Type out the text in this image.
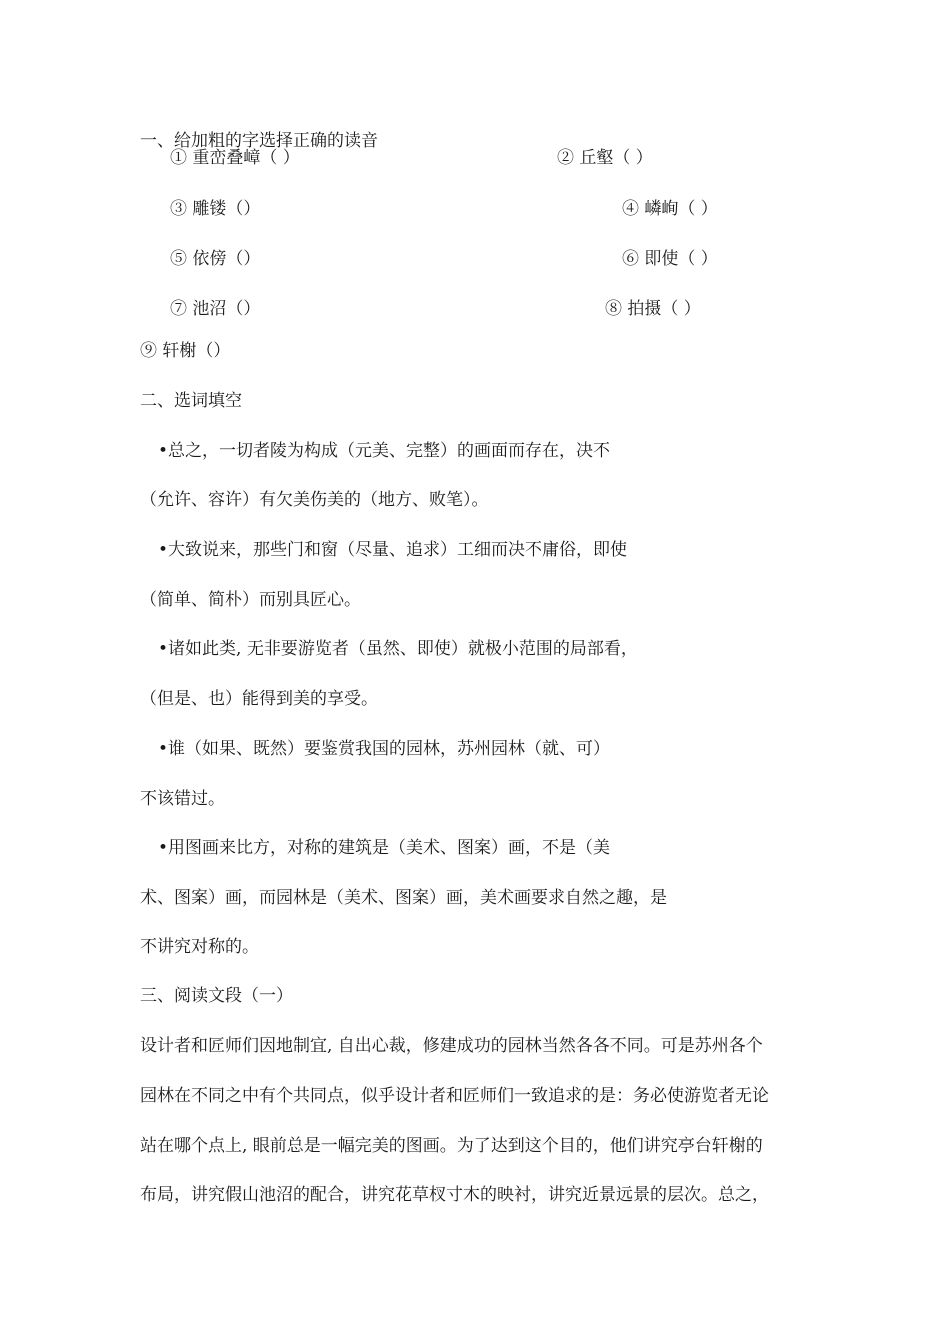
一、给加粗的字选择正确的读音
① 重峦叠嶂（ ）	② 丘壑（ ）
③ 雕镂（）	④ 嶙峋（ ）
⑤ 依傍（）	⑥ 即使（ ）
⑦ 池沼（）	⑧ 拍摄（ ）
⑨ 轩榭（）
二、选词填空
•总之，一切者陵为构成（元美、完整）的画面而存在，决不
（允许、容许）有欠美伤美的（地方、败笔）。
•大致说来，那些门和窗（尽量、追求）工细而决不庸俗，即使
（简单、简朴）而别具匠心。
•诸如此类, 无非要游览者（虽然、即使）就极小范围的局部看，
（但是、也）能得到美的享受。
•谁（如果、既然）要鉴赏我国的园林，苏州园林（就、可）
不该错过。
•用图画来比方，对称的建筑是（美术、图案）画，不是（美
术、图案）画，而园林是（美术、图案）画，美术画要求自然之趣，是
不讲究对称的。
三、阅读文段（一）
设计者和匠师们因地制宜, 自出心裁，修建成功的园林当然各各不同。可是苏州各个
园林在不同之中有个共同点，似乎设计者和匠师们一致追求的是：务必使游览者无论
站在哪个点上, 眼前总是一幅完美的图画。为了达到这个目的，他们讲究亭台轩榭的
布局，讲究假山池沼的配合，讲究花草杈寸木的映衬，讲究近景远景的层次。总之，
